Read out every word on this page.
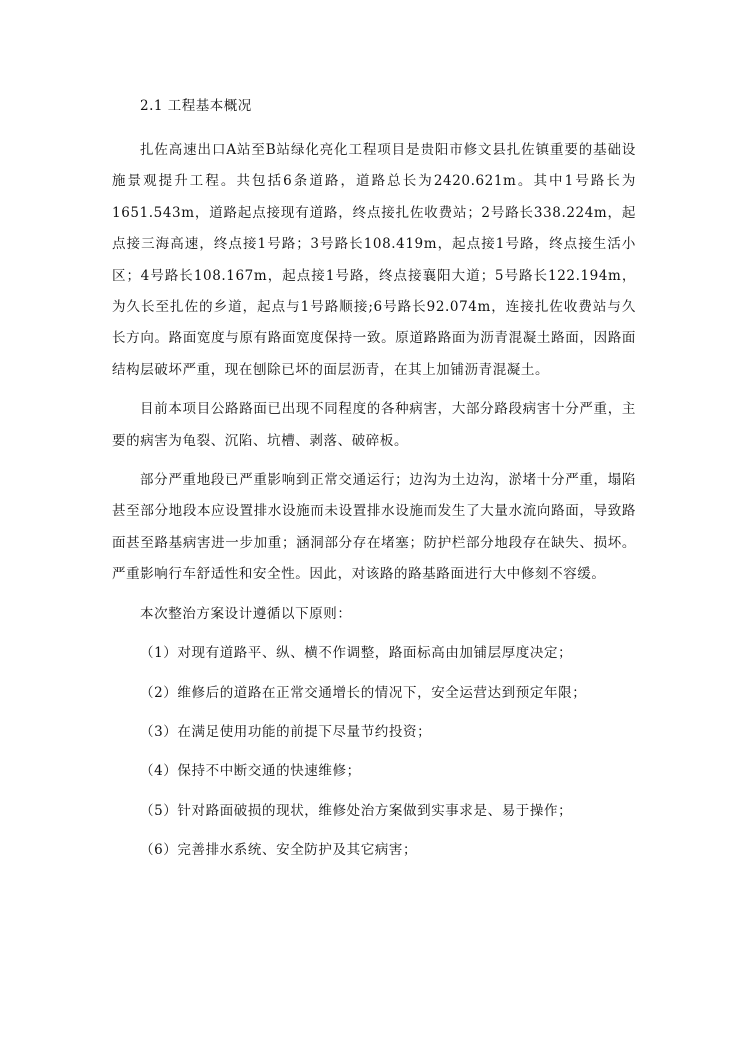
2.1 工程基本概况

扎佐高速出口A站至B站绿化亮化工程项目是贵阳市修文县扎佐镇重要的基础设施景观提升工程。共包括6条道路，道路总长为2420.621m。其中1号路长为1651.543m，道路起点接现有道路，终点接扎佐收费站；2号路长338.224m，起点接三海高速，终点接1号路；3号路长108.419m，起点接1号路，终点接生活小区；4号路长108.167m，起点接1号路，终点接襄阳大道；5号路长122.194m，为久长至扎佐的乡道，起点与1号路顺接;6号路长92.074m，连接扎佐收费站与久长方向。路面宽度与原有路面宽度保持一致。原道路路面为沥青混凝土路面，因路面结构层破坏严重，现在刨除已坏的面层沥青，在其上加铺沥青混凝土。

目前本项目公路路面已出现不同程度的各种病害，大部分路段病害十分严重，主要的病害为龟裂、沉陷、坑槽、剥落、破碎板。

部分严重地段已严重影响到正常交通运行；边沟为土边沟，淤堵十分严重，塌陷甚至部分地段本应设置排水设施而未设置排水设施而发生了大量水流向路面，导致路面甚至路基病害进一步加重；涵洞部分存在堵塞；防护栏部分地段存在缺失、损坏。严重影响行车舒适性和安全性。因此，对该路的路基路面进行大中修刻不容缓。

本次整治方案设计遵循以下原则：

（1）对现有道路平、纵、横不作调整，路面标高由加铺层厚度决定；
（2）维修后的道路在正常交通增长的情况下，安全运营达到预定年限；
（3）在满足使用功能的前提下尽量节约投资；
（4）保持不中断交通的快速维修；
（5）针对路面破损的现状，维修处治方案做到实事求是、易于操作；
（6）完善排水系统、安全防护及其它病害；
